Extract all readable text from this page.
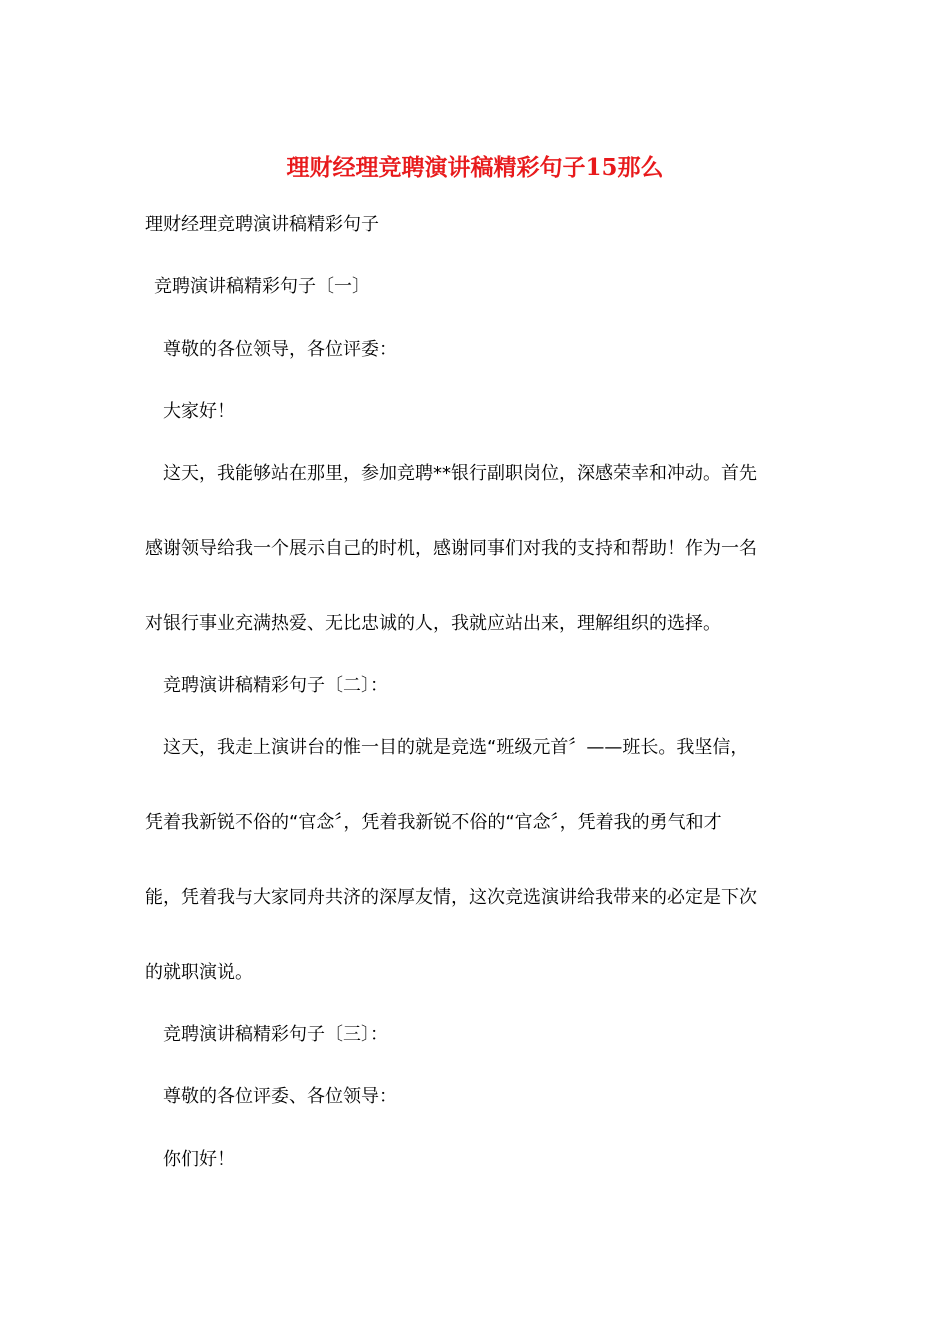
理财经理竞聘演讲稿精彩句子15那么
理财经理竞聘演讲稿精彩句子
竞聘演讲稿精彩句子〔一〕
尊敬的各位领导，各位评委：
大家好！
这天，我能够站在那里，参加竞聘**银行副职岗位，深感荣幸和冲动。首先
感谢领导给我一个展示自己的时机，感谢同事们对我的支持和帮助！作为一名
对银行事业充满热爱、无比忠诚的人，我就应站出来，理解组织的选择。
竞聘演讲稿精彩句子〔二〕：
这天，我走上演讲台的惟一目的就是竞选“班级元首〞——班长。我坚信，
凭着我新锐不俗的“官念〞，凭着我新锐不俗的“官念〞，凭着我的勇气和才
能，凭着我与大家同舟共济的深厚友情，这次竞选演讲给我带来的必定是下次
的就职演说。
竞聘演讲稿精彩句子〔三〕：
尊敬的各位评委、各位领导：
你们好！
